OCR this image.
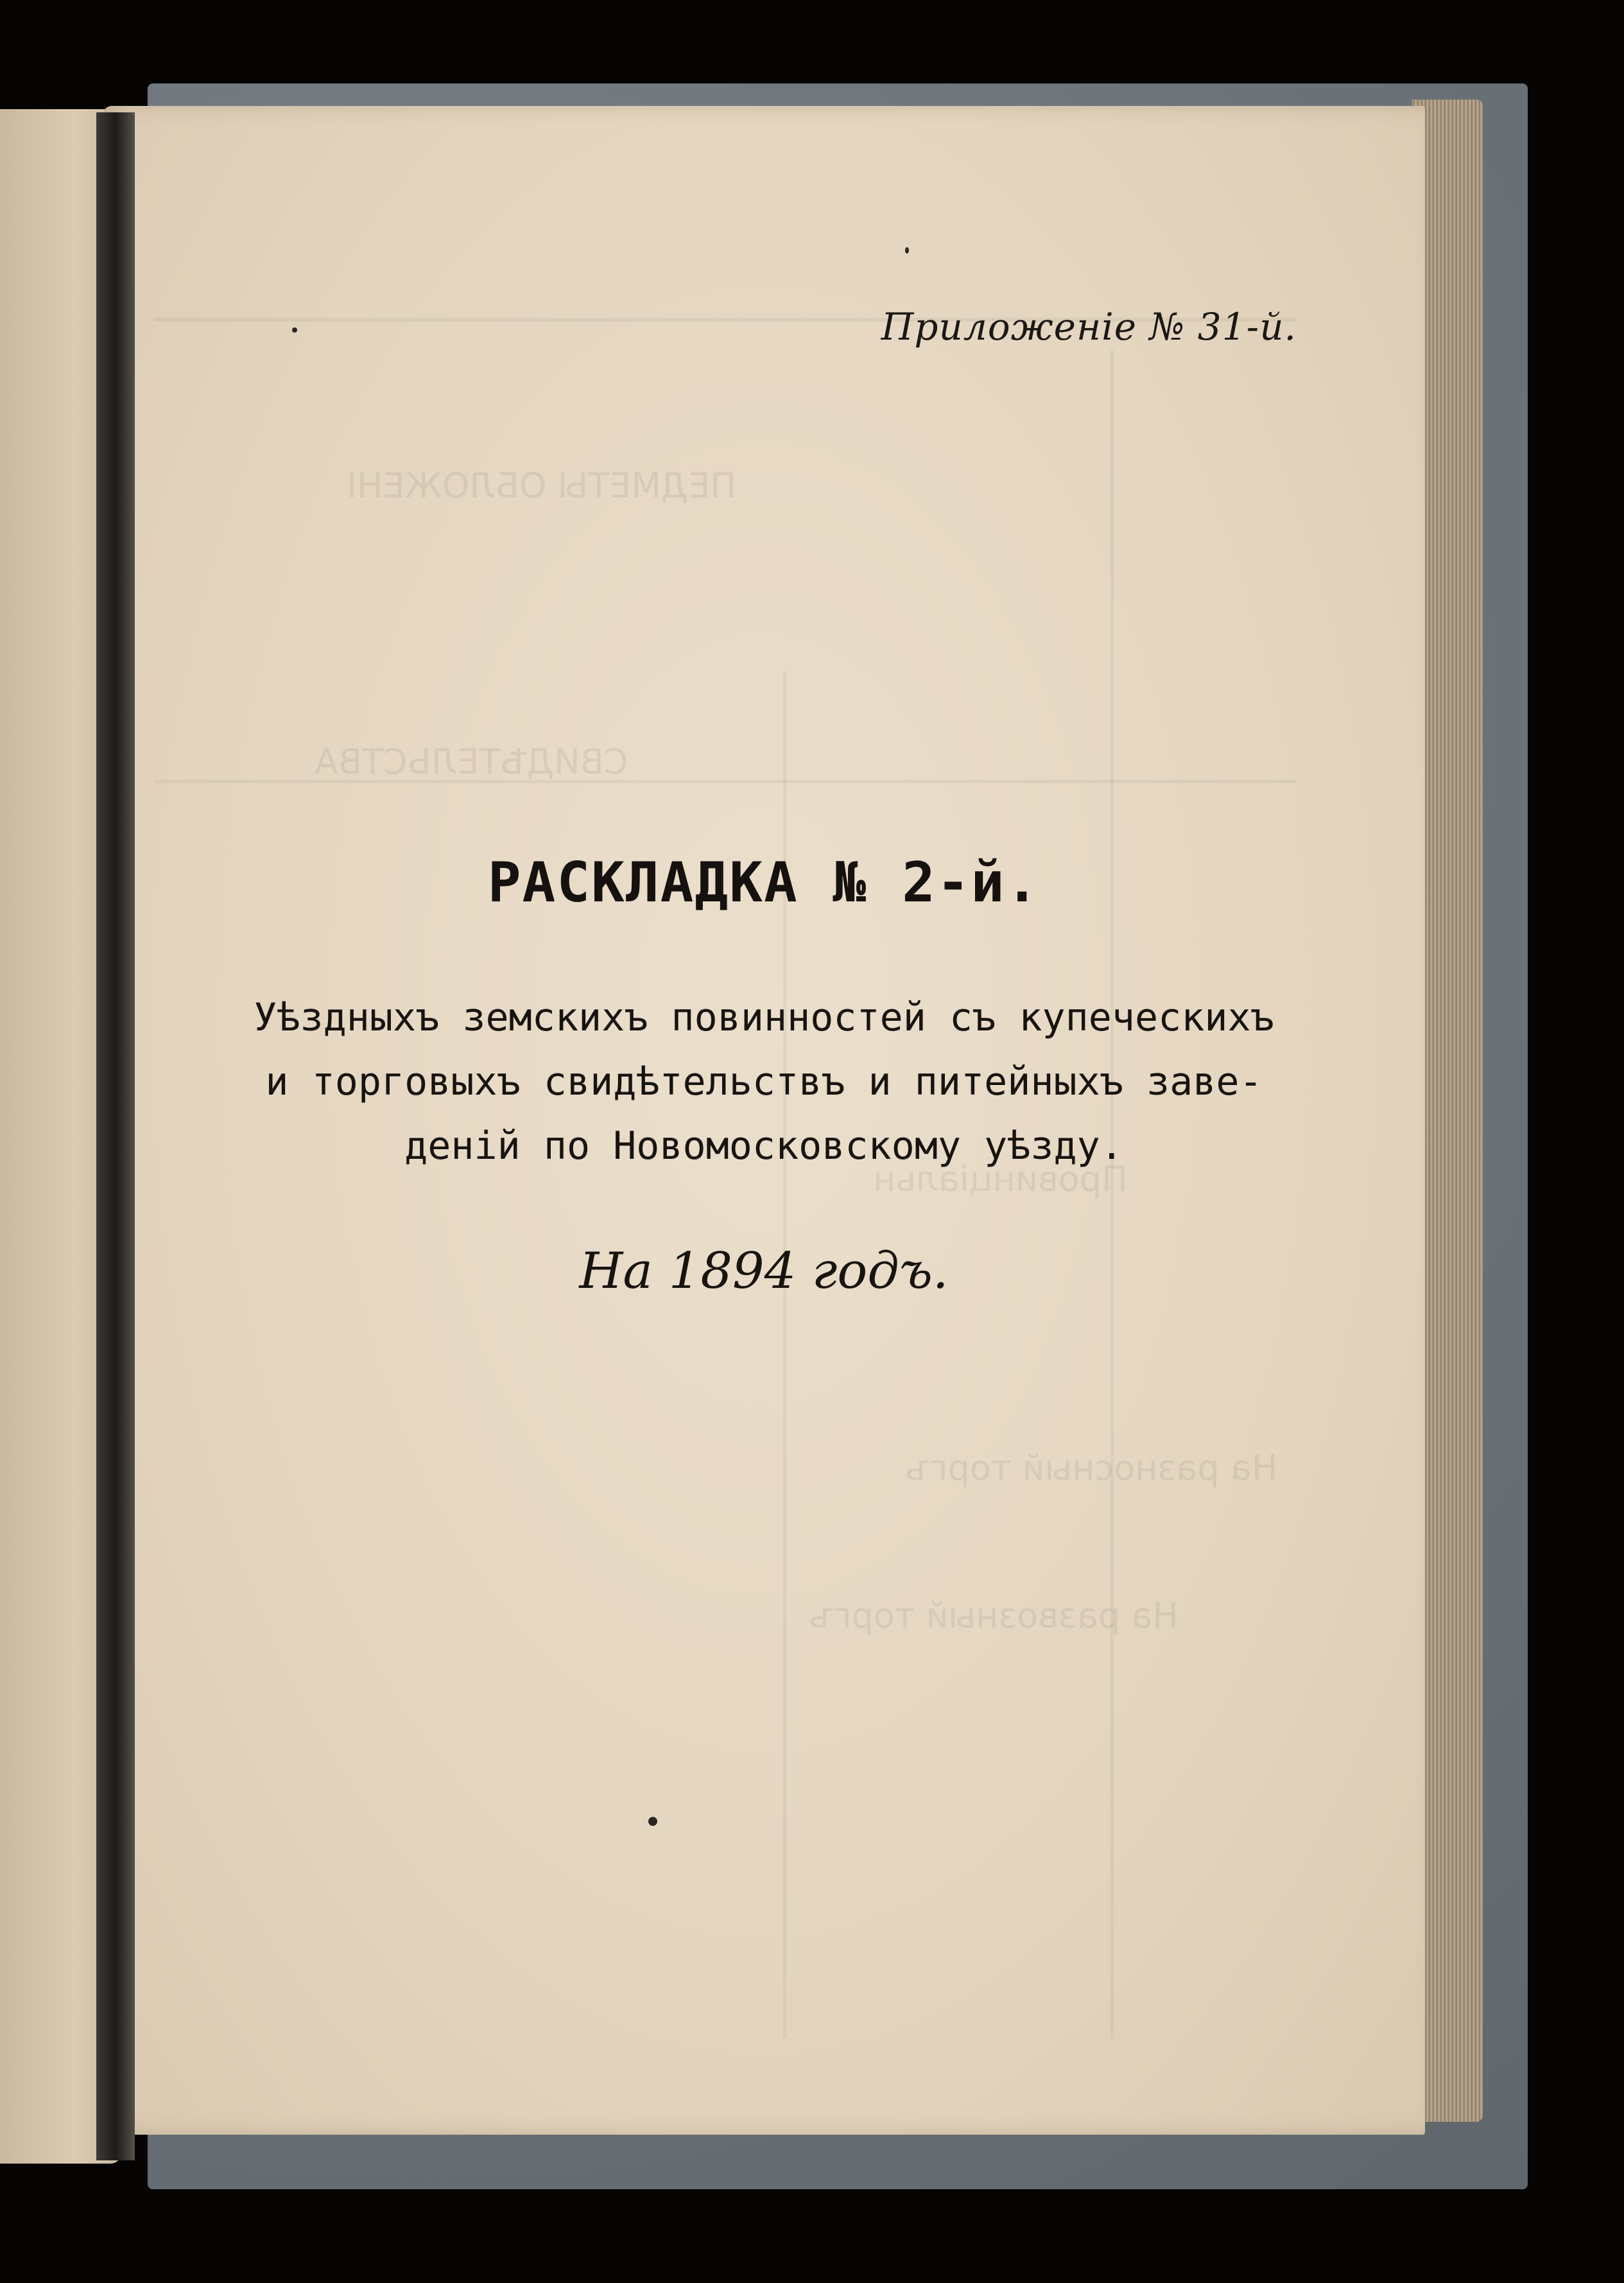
ПЕДМЕТЫ ОБЛОЖЕНI
СВИДѢТЕЛЬСТВА
Провинцiальн
На разносный торгъ
На развозный торгъ
Приложенiе № 31-й.
РАСКЛАДКА № 2-й.
Уѣздныхъ земскихъ повинностей съ купеческихъ
и торговыхъ свидѣтельствъ и питейныхъ заве-
денiй по Новомосковскому уѣзду.
На 1894 годъ.
